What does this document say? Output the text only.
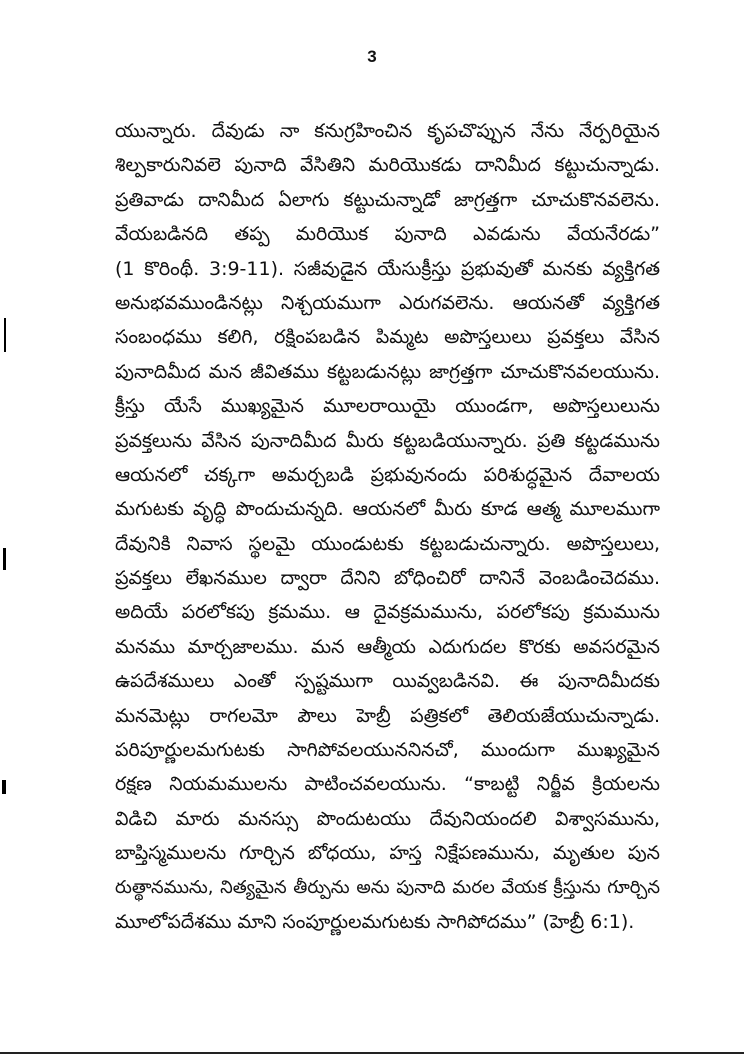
3
యున్నారు. దేవుడు నా కనుగ్రహించిన కృపచొప్పున నేను నేర్పరియైన
శిల్పకారునివలె పునాది వేసితిని మరియొకడు దానిమీద కట్టుచున్నాడు.
ప్రతివాడు దానిమీద ఏలాగు కట్టుచున్నాడో జాగ్రత్తగా చూచుకొనవలెను.
వేయబడినది తప్ప మరియొక పునాది ఎవడును వేయనేరడు”
(1 కొరింథీ. 3:9-11). సజీవుడైన యేసుక్రీస్తు ప్రభువుతో మనకు వ్యక్తిగత
అనుభవముండినట్లు నిశ్చయముగా ఎరుగవలెను. ఆయనతో వ్యక్తిగత
సంబంధము కలిగి, రక్షింపబడిన పిమ్మట అపొస్తలులు ప్రవక్తలు వేసిన
పునాదిమీద మన జీవితము కట్టబడునట్లు జాగ్రత్తగా చూచుకొనవలయును.
క్రీస్తు యేసే ముఖ్యమైన మూలరాయియై యుండగా, అపొస్తలులును
ప్రవక్తలును వేసిన పునాదిమీద మీరు కట్టబడియున్నారు. ప్రతి కట్టడమును
ఆయనలో చక్కగా అమర్చబడి ప్రభువునందు పరిశుద్ధమైన దేవాలయ
మగుటకు వృద్ధి పొందుచున్నది. ఆయనలో మీరు కూడ ఆత్మ మూలముగా
దేవునికి నివాస స్థలమై యుండుటకు కట్టబడుచున్నారు. అపొస్తలులు,
ప్రవక్తలు లేఖనముల ద్వారా దేనిని బోధించిరో దానినే వెంబడించెదము.
అదియే పరలోకపు క్రమము. ఆ దైవక్రమమును, పరలోకపు క్రమమును
మనము మార్చజాలము. మన ఆత్మీయ ఎదుగుదల కొరకు అవసరమైన
ఉపదేశములు ఎంతో స్పష్టముగా యివ్వబడినవి. ఈ పునాదిమీదకు
మనమెట్లు రాగలమో పౌలు హెబ్రీ పత్రికలో తెలియజేయుచున్నాడు.
పరిపూర్ణులమగుటకు సాగిపోవలయుననినచో, ముందుగా ముఖ్యమైన
రక్షణ నియమములను పాటించవలయును. “కాబట్టి నిర్జీవ క్రియలను
విడిచి మారు మనస్సు పొందుటయు దేవునియందలి విశ్వాసమును,
బాప్తిస్మములను గూర్చిన బోధయు, హస్త నిక్షేపణమును, మృతుల పున
రుత్థానమును, నిత్యమైన తీర్పును అను పునాది మరల వేయక క్రీస్తును గూర్చిన
మూలోపదేశము మాని సంపూర్ణులమగుటకు సాగిపోదము” (హెబ్రీ 6:1).
